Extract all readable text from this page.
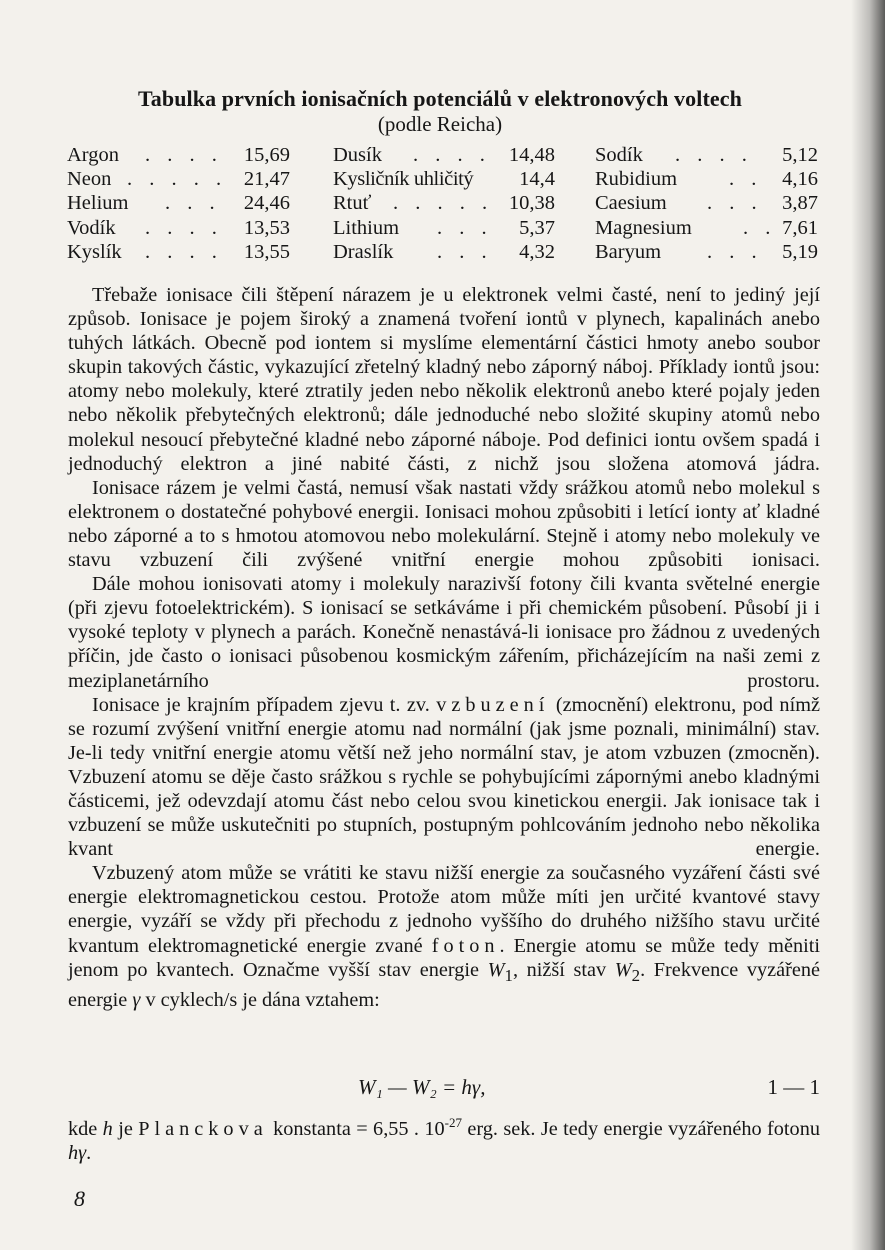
Tabulka prvních ionisačních potenciálů v elektronových voltech
(podle Reicha)
Argon . . . . 15,69
Neon . . . . . 21,47
Helium . . . 24,46
Vodík . . . . 13,53
Kyslík . . . . 13,55
Dusík . . . . 14,48
Kysličník uhličitý 14,4
Rtuť . . . . . 10,38
Lithium . . . 5,37
Draslík . . . 4,32
Sodík . . . . 5,12
Rubidium	. . 4,16
Caesium . . . 3,87
Magnesium . . 7,61
Baryum . . . 5,19

Třebaže ionisace čili štěpení nárazem je u elektronek velmi časté, není to jediný její způsob. Ionisace je pojem široký a znamená tvoření iontů v plynech, kapalinách anebo tuhých látkách. Obecně pod iontem si myslíme elementární částici hmoty anebo soubor skupin takových částic, vykazující zřetelný kladný nebo záporný náboj. Příklady iontů jsou: atomy nebo molekuly, které ztratily jeden nebo několik elektronů anebo které pojaly jeden nebo několik přebytečných elektronů; dále jednoduché nebo složité skupiny atomů nebo molekul nesoucí přebytečné kladné nebo záporné náboje. Pod definici iontu ovšem spadá i jednoduchý elektron a jiné nabité části, z nichž jsou složena atomová jádra.

Ionisace rázem je velmi častá, nemusí však nastati vždy srážkou atomů nebo molekul s elektronem o dostatečné pohybové energii. Ionisaci mohou způsobiti i letící ionty ať kladné nebo záporné a to s hmotou atomovou nebo molekulární. Stejně i atomy nebo molekuly ve stavu vzbuzení čili zvýšené vnitřní energie mohou způsobiti ionisaci.

Dále mohou ionisovati atomy i molekuly narazivší fotony čili kvanta světelné energie (při zjevu fotoelektrickém). S ionisací se setkáváme i při chemickém působení. Působí ji i vysoké teploty v plynech a parách. Konečně nenastává-li ionisace pro žádnou z uvedených příčin, jde často o ionisaci působenou kosmickým zářením, přicházejícím na naši zemi z meziplanetárního prostoru.

Ionisace je krajním případem zjevu t. zv. vzbuzení (zmocnění) elektronu, pod nímž se rozumí zvýšení vnitřní energie atomu nad normální (jak jsme poznali, minimální) stav. Je-li tedy vnitřní energie atomu větší než jeho normální stav, je atom vzbuzen (zmocněn). Vzbuzení atomu se děje často srážkou s rychle se pohybujícími zápornými anebo kladnými částicemi, jež odevzdají atomu část nebo celou svou kinetickou energii. Jak ionisace tak i vzbuzení se může uskutečniti po stupních, postupným pohlcováním jednoho nebo několika kvant energie.

Vzbuzený atom může se vrátiti ke stavu nižší energie za současného vyzáření části své energie elektromagnetickou cestou. Protože atom může míti jen určité kvantové stavy energie, vyzáří se vždy při přechodu z jednoho vyššího do druhého nižšího stavu určité kvantum elektromagnetické energie zvané foton. Energie atomu se může tedy měniti jenom po kvantech. Označme vyšší stav energie $W_1$, nižší stav $W_2$. Frekvence vyzářené energie γ v cyklech/s je dána vztahem:

W₁ — W₂ = hγ,	1 — 1

kde h je Planckova konstanta = 6,55 . $10^{-27}$ erg. sek. Je tedy energie vyzářeného fotonu hγ.

8
